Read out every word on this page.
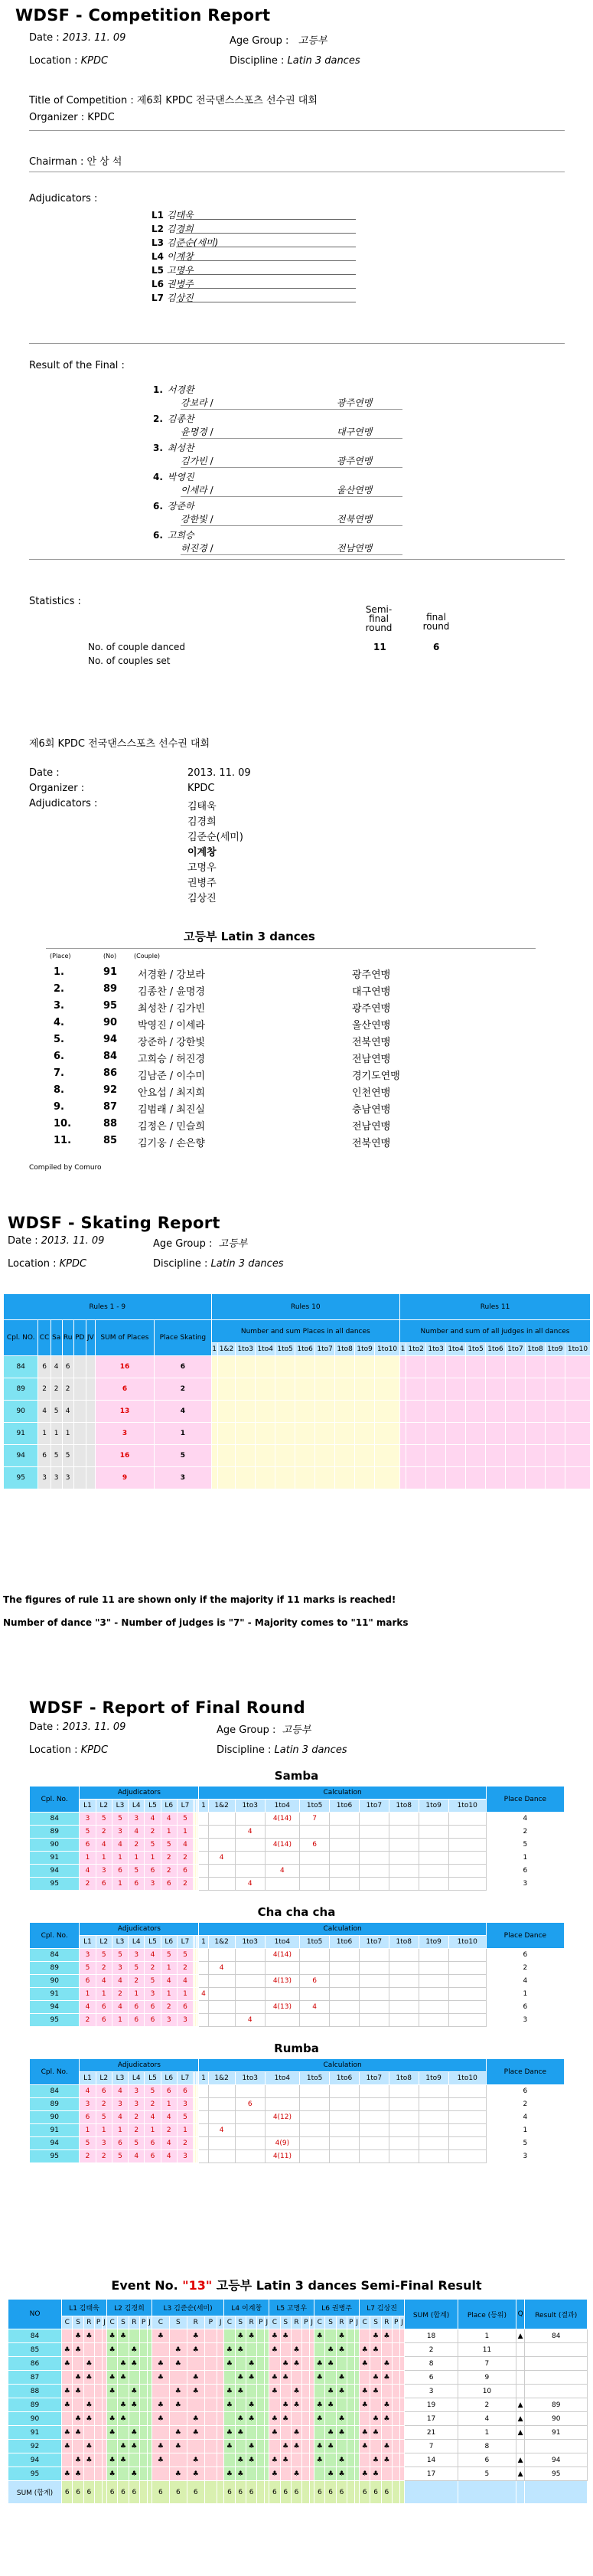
WDSF - Competition Report
Date : 2013. 11. 09	Age Group : 고등부
Location : KPDC	Discipline : Latin 3 dances
Title of Competition : 제6회 KPDC 전국댄스스포츠 선수권 대회
Organizer : KPDC
Chairman : 안 상 석
Adjudicators :
L1 김태욱
L2 김경희
L3 김준순(세미)
L4 이계창
L5 고명우
L6 권병주
L7 김상진
Result of the Final :
1. 서경환
강보라 /	광주연맹
2. 김종찬
윤명경 /	대구연맹
3. 최성찬
김가빈 /	광주연맹
4. 박영진
이세라 /	울산연맹
6. 장준하
강한빛 /	전북연맹
6. 고희승
허진경 /	전남연맹
Statistics :
Semi-final round
final round
No. of couple danced	11	6
No. of couples set
제6회 KPDC 전국댄스스포츠 선수권 대회
Date :	2013. 11. 09
Organizer :	KPDC
Adjudicators :	김태욱
김경희
김준순(세미)
이계창
고명우
권병주
김상진
고등부 Latin 3 dances
(Place)	(No)	(Couple)
1.	91 서경환 / 강보라	광주연맹
2.	89 김종찬 / 윤명경	대구연맹
3.	95 최성찬 / 김가빈	광주연맹
4.	90 박영진 / 이세라	울산연맹
5.	94 장준하 / 강한빛	전북연맹
6.	84 고희승 / 허진경	전남연맹
7.	86 김남준 / 이수미	경기도연맹
8.	92 안요섭 / 최지희	인천연맹
9.	87 김범래 / 최진실	충남연맹
10.	88 김정은 / 민슬희	전남연맹
11.	85 김기웅 / 손은향	전북연맹
Compiled by Comuro
WDSF - Skating Report
Date : 2013. 11. 09	Age Group :  고등부
Location : KPDC	Discipline : Latin 3 dances
Rules 1 - 9								Rules 10										Rules 11									
Cpl. NO.	CC	Sa	Ru	PD	JV	SUM of Places	Place Skating	Number and sum Places in all dances										Number and sum of all judges in all dances									
								1	1&2	1to3	1to4	1to5	1to6	1to7	1to8	1to9	1to10	1	1to2	1to3	1to4	1to5	1to6	1to7	1to8	1to9	1to10
84	6	4	6			16	6																				
89	2	2	2			6	2																				
90	4	5	4			13	4																				
91	1	1	1			3	1																				
94	6	5	5			16	5																				
95	3	3	3			9	3																				
The figures of rule 11 are shown only if the majority if 11 marks is reached!
Number of dance "3" - Number of judges is "7" - Majority comes to "11" marks
WDSF - Report of Final Round
Date : 2013. 11. 09	Age Group :  고등부
Location : KPDC	Discipline : Latin 3 dances
Samba
Cpl. No.	Adjudicators										Calculation										Place Dance
	L1	L2	L3	L4	L5	L6	L7					1	1&2	1to3	1to4	1to5	1to6	1to7	1to8	1to9	1to10	
84	3	5	5	3	4	4	5								4(14)	7						4
89	5	2	3	4	2	1	1							4								2
90	6	4	4	2	5	5	4								4(14)	6						5
91	1	1	1	1	1	2	2						4									1
94	4	3	6	5	6	2	6								4							6
95	2	6	1	6	3	6	2							4								3
Cha cha cha
Cpl. No.	Adjudicators										Calculation										Place Dance
	L1	L2	L3	L4	L5	L6	L7					1	1&2	1to3	1to4	1to5	1to6	1to7	1to8	1to9	1to10	
84	3	5	5	3	4	5	5								4(14)							6
89	5	2	3	5	2	1	2						4									2
90	6	4	4	2	5	4	4								4(13)	6						4
91	1	1	2	1	3	1	1					4										1
94	4	6	4	6	6	2	6								4(13)	4						6
95	2	6	1	6	6	3	3							4								3
Rumba
Cpl. No.	Adjudicators										Calculation										Place Dance
	L1	L2	L3	L4	L5	L6	L7					1	1&2	1to3	1to4	1to5	1to6	1to7	1to8	1to9	1to10	
84	4	6	4	3	5	6	6															6
89	3	2	3	3	2	1	3							6								2
90	6	5	4	2	4	4	5								4(12)							4
91	1	1	1	2	1	2	1						4									1
94	5	3	6	5	6	4	2								4(9)							5
95	2	2	5	4	6	4	3								4(11)							3
Event No. "13" 고등부 Latin 3 dances Semi-Final Result
NO	L1 김태욱					L2 김경희					L3 김준순(세미)					L4 이계창					L5 고명우					L6 권병주					L7 김상진					SUM (합계)	Place (등위)	Q	Result (결과)
	C	S	R	P	J	C	S	R	P	J	C	S	R	P	J	C	S	R	P	J	C	S	R	P	J	C	S	R	P	J	C	S	R	P	J				
84		♣	♣			♣	♣				♣		♣				♣	♣			♣	♣				♣		♣				♣	♣			18	1	▲	84
85	♣	♣				♣		♣				♣	♣			♣	♣				♣		♣				♣	♣			♣	♣				2	11		
86	♣		♣				♣	♣			♣	♣				♣		♣				♣	♣			♣	♣				♣		♣			8	7		
87		♣	♣			♣	♣				♣		♣				♣	♣			♣	♣				♣		♣				♣	♣			6	9		
88	♣	♣				♣		♣				♣	♣			♣	♣				♣		♣				♣	♣			♣	♣				3	10		
89	♣		♣				♣	♣			♣	♣				♣		♣				♣	♣			♣	♣				♣		♣			19	2	▲	89
90		♣	♣			♣	♣				♣		♣				♣	♣			♣	♣				♣		♣				♣	♣			17	4	▲	90
91	♣	♣				♣		♣				♣	♣			♣	♣				♣		♣				♣	♣			♣	♣				21	1	▲	91
92	♣		♣				♣	♣			♣	♣				♣		♣				♣	♣			♣	♣				♣		♣			7	8		
94		♣	♣			♣	♣				♣		♣				♣	♣			♣	♣				♣		♣				♣	♣			14	6	▲	94
95	♣	♣				♣		♣				♣	♣			♣	♣				♣		♣				♣	♣			♣	♣				17	5	▲	95
SUM (합계)	6	6	6			6	6	6			6	6	6			6	6	6			6	6	6			6	6	6			6	6	6						
